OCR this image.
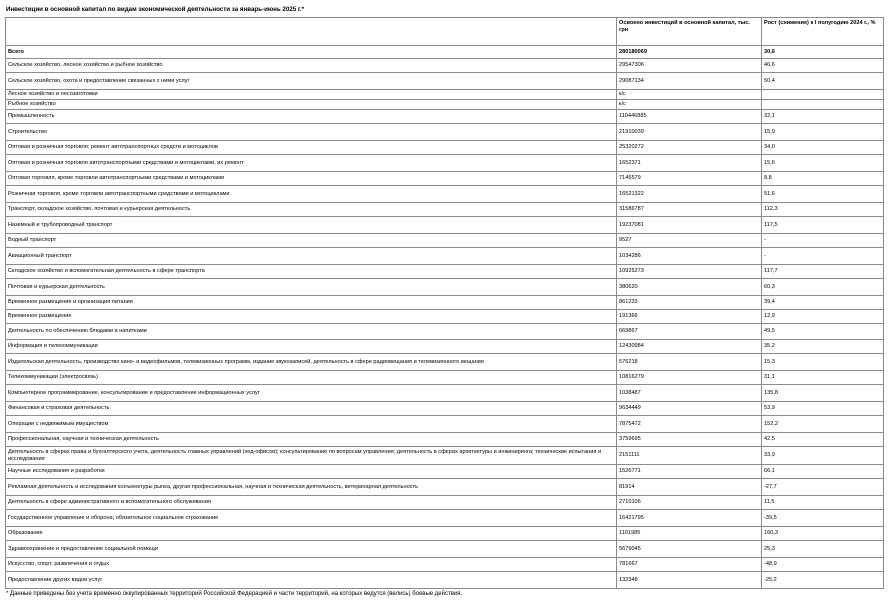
Инвестиции в основной капитал по видам экономической деятельности за январь-июнь 2025 г.*
	Освоено инвестиций в основной капитал, тыс. грн	Рост (снижение) к I полугодию 2024 г., %
Всего	280180069	30,6
Сельское хозяйство, лесное хозяйство и рыбное хозяйство	29547306	46,6
Сельское хозяйство, охота и предоставление связанных с ними услуг	29087134	50,4
Лесное хозяйство и лесозаготовки	к/с	
Рыбное хозяйство	к/с	
Промышленность	110446885	32,1
Строительство	21910039	15,9
Оптовая и розничная торговля; ремонт автотранспортных средств и мотоциклов	25320272	34,0
Оптовая и розничная торговля автотранспортными средствами и мотоциклами, их ремонт	1652371	15,6
Оптовая торговля, кроме торговли автотранспортными средствами и мотоциклами	7146579	8,8
Розничная торговля, кроме торговли автотранспортными средствами и мотоциклами	16521322	51,6
Транспорт, складское хозяйство, почтовая и курьерская деятельность	31586787	112,3
Наземный и трубопроводный транспорт	19237081	117,5
Водный транспорт	9527	-
Авиационный транспорт	1034286	-
Складское хозяйство и вспомогательная деятельность в сфере транспорта	10925273	117,7
Почтовая и курьерская деятельность	380620	60,3
Временное размещение и организация питания	861233	39,4
Временное размещение	191366	12,9
Деятельность по обеспечению блюдами и напитками	669867	49,5
Информация и телекоммуникации	12430984	35,2
Издательская деятельность, производство кино- и видеофильмов, телевизионных программ, издание звукозаписей, деятельность в сфере радиовещания и телевизионного вещания	576218	15,3
Телекоммуникации (электросвязь)	10816279	31,1
Компьютерное программирование, консультирование и предоставление информационных услуг	1038487	135,8
Финансовая и страховая деятельность	9634449	53,9
Операции с недвижимым имуществом	7875472	152,2
Профессиональная, научная и техническая деятельность	3759695	42,5
Деятельность в сферах права и бухгалтерского учета, деятельность главных управлений (хед-офисов); консультирование по вопросам управления; деятельность в сферах архитектуры и инжиниринга; технические испытания и исследования	2151111	33,9
Научные исследования и разработки	1526771	66,1
Рекламная деятельность и исследования конъюнктуры рынка, другая профессиональная, научная и техническая деятельность, ветеринарная деятельность	81914	-27,7
Деятельность в сфере административного и вспомогательного обслуживания	2710106	11,5
Государственное управление и оборона; обязательное социальное страхование	16421795	-39,5
Образование	1101985	160,3
Здравоохранение и предоставление социальной помощи	5679045	25,3
Искусство, спорт, развлечения и отдых	781667	-48,9
Предоставление других видов услуг	132348	-25,2
* Данные приведены без учета временно оккупированных территорий Российской Федерацией и части территорий, на которых ведутся (велись) боевые действия.
